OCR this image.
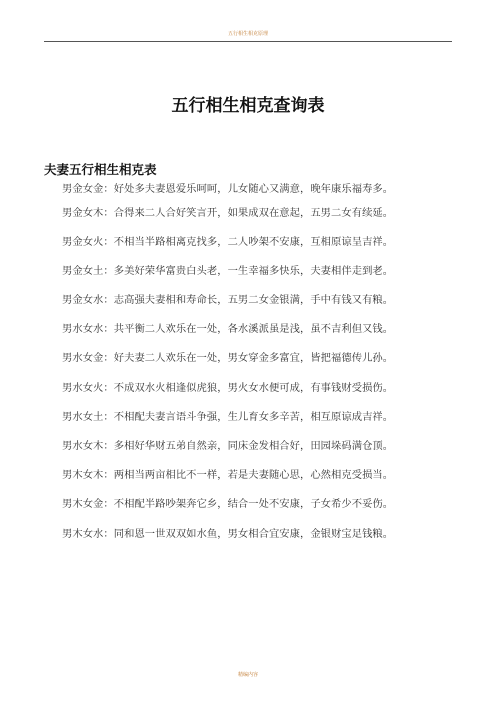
五行相生相克原理
五行相生相克查询表
夫妻五行相生相克表
男金女金：好处多夫妻恩爱乐呵呵，儿女随心又满意，晚年康乐福寿多。
男金女木：合得来二人合好笑言开，如果成双在意起，五男二女有续延。
男金女火：不相当半路相离克找多，二人吵架不安康，互相原谅呈吉祥。
男金女土：多美好荣华富贵白头老，一生幸福多快乐，夫妻相伴走到老。
男金女水：志高强夫妻相和寿命长，五男二女金银满，手中有钱又有粮。
男水女水：共平衡二人欢乐在一处，各水溪派虽是浅，虽不吉利但又钱。
男水女金：好夫妻二人欢乐在一处，男女穿金多富宜，皆把福德传儿孙。
男水女火：不成双水火相逢似虎狼，男火女水便可成，有事钱财受损伤。
男水女土：不相配夫妻言语斗争强，生儿育女多辛苦，相互原谅成吉祥。
男水女木：多相好华财五弟自然亲，同床金发相合好，田园垛码满仓顶。
男木女木：两相当两亩相比不一样，若是夫妻随心思，心然相克受损当。
男木女金：不相配半路吵架奔它乡，结合一处不安康，子女希少不妥伤。
男木女水：同和恩一世双双如水鱼，男女相合宜安康，金银财宝足钱粮。
精编内容
